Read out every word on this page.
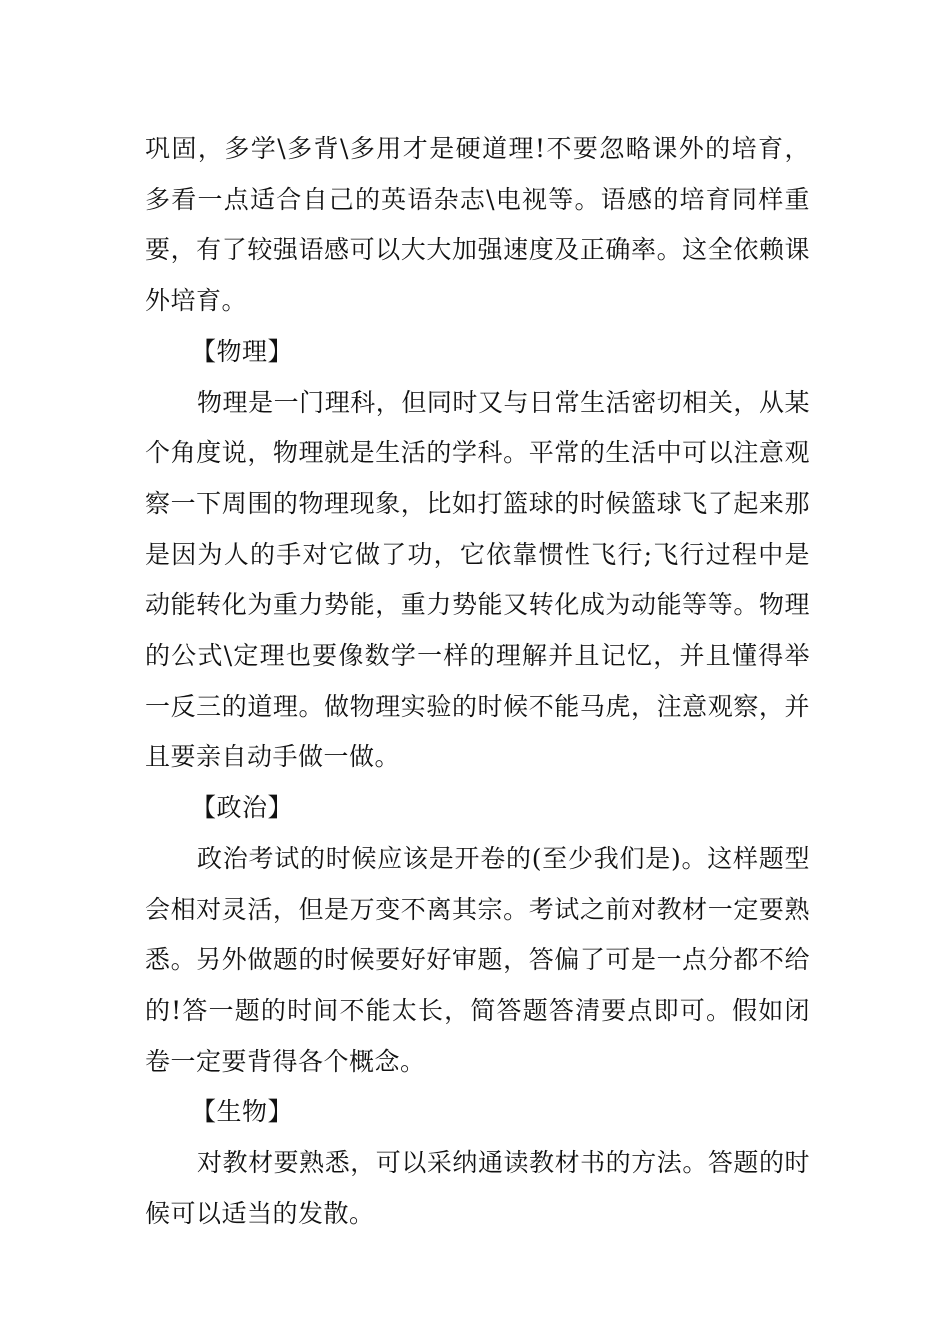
巩固，多学\多背\多用才是硬道理!不要忽略课外的培育，多看一点适合自己的英语杂志\电视等。语感的培育同样重要，有了较强语感可以大大加强速度及正确率。这全依赖课外培育。

【物理】

物理是一门理科，但同时又与日常生活密切相关，从某个角度说，物理就是生活的学科。平常的生活中可以注意观察一下周围的物理现象，比如打篮球的时候篮球飞了起来那是因为人的手对它做了功，它依靠惯性飞行;飞行过程中是动能转化为重力势能，重力势能又转化成为动能等等。物理的公式\定理也要像数学一样的理解并且记忆，并且懂得举一反三的道理。做物理实验的时候不能马虎，注意观察，并且要亲自动手做一做。

【政治】

政治考试的时候应该是开卷的(至少我们是)。这样题型会相对灵活，但是万变不离其宗。考试之前对教材一定要熟悉。另外做题的时候要好好审题，答偏了可是一点分都不给的!答一题的时间不能太长，简答题答清要点即可。假如闭卷一定要背得各个概念。

【生物】

对教材要熟悉，可以采纳通读教材书的方法。答题的时候可以适当的发散。
